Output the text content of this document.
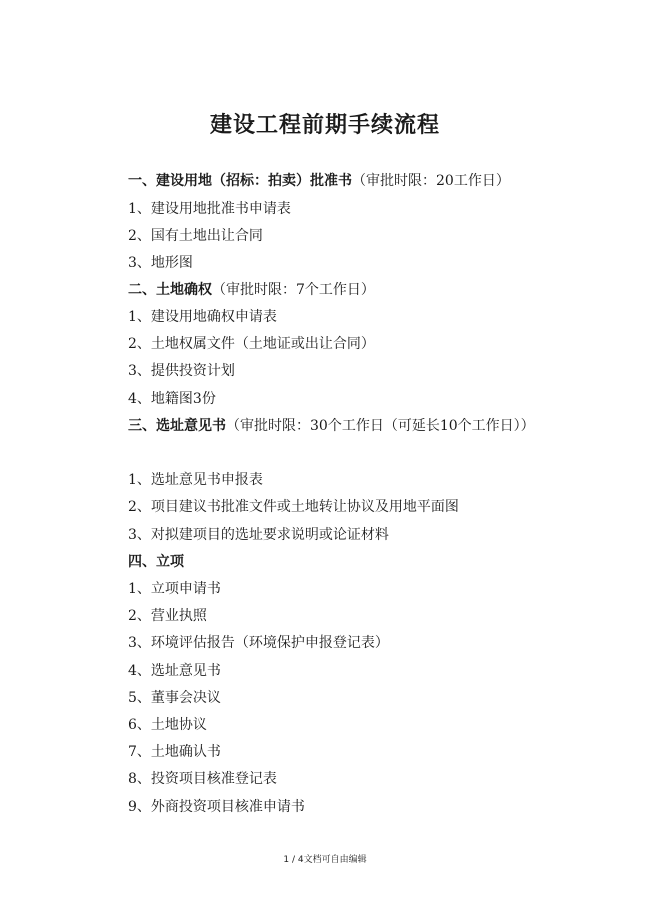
建设工程前期手续流程
一、建设用地（招标：拍卖）批准书（审批时限：20工作日）
1、建设用地批准书申请表
2、国有土地出让合同
3、地形图
二、土地确权（审批时限：7个工作日）
1、建设用地确权申请表
2、土地权属文件（土地证或出让合同）
3、提供投资计划
4、地籍图3份
三、选址意见书（审批时限：30个工作日（可延长10个工作日））
1、选址意见书申报表
2、项目建议书批准文件或土地转让协议及用地平面图
3、对拟建项目的选址要求说明或论证材料
四、立项
1、立项申请书
2、营业执照
3、环境评估报告（环境保护申报登记表）
4、选址意见书
5、董事会决议
6、土地协议
7、土地确认书
8、投资项目核准登记表
9、外商投资项目核准申请书
1 / 4文档可自由编辑
